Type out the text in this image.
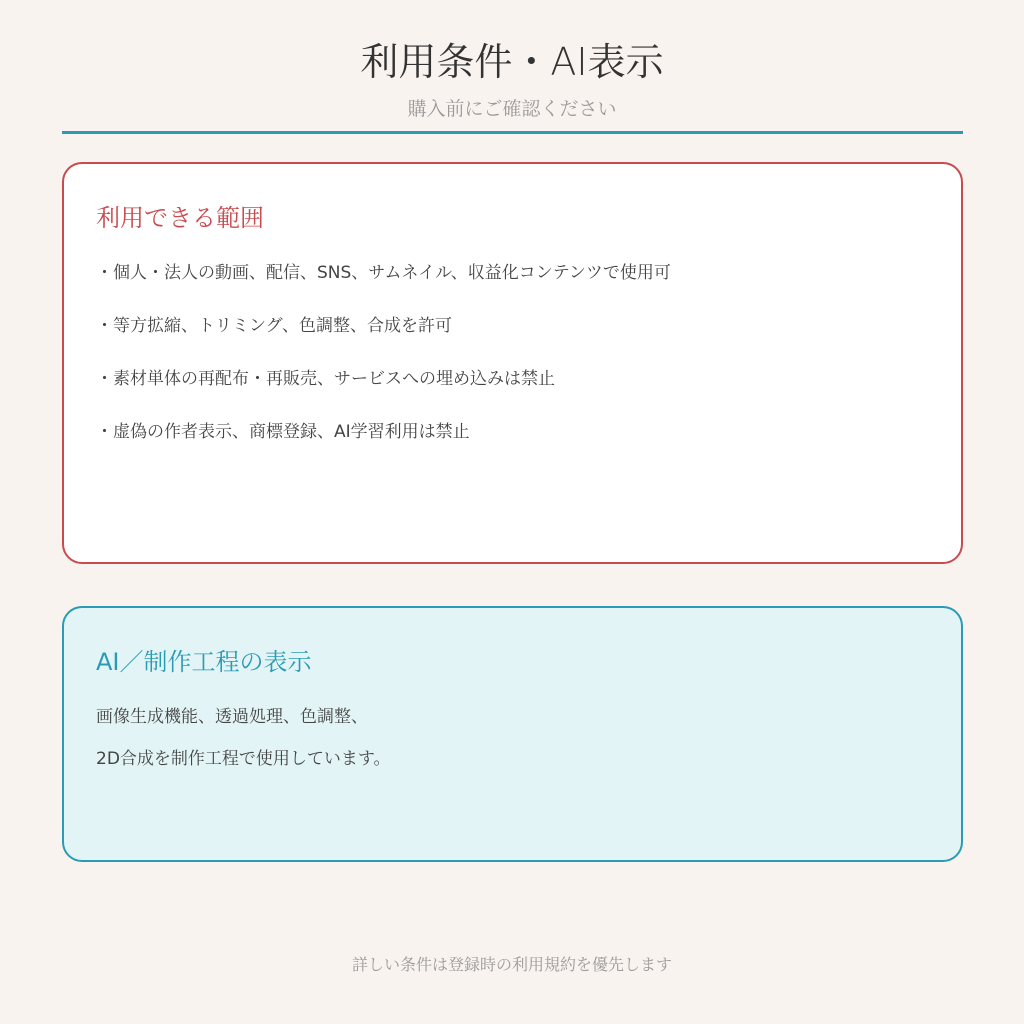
利用条件・AI表示
購入前にご確認ください
利用できる範囲
・個人・法人の動画、配信、SNS、サムネイル、収益化コンテンツで使用可
・等方拡縮、トリミング、色調整、合成を許可
・素材単体の再配布・再販売、サービスへの埋め込みは禁止
・虚偽の作者表示、商標登録、AI学習利用は禁止
AI／制作工程の表示
画像生成機能、透過処理、色調整、
2D合成を制作工程で使用しています。
詳しい条件は登録時の利用規約を優先します
